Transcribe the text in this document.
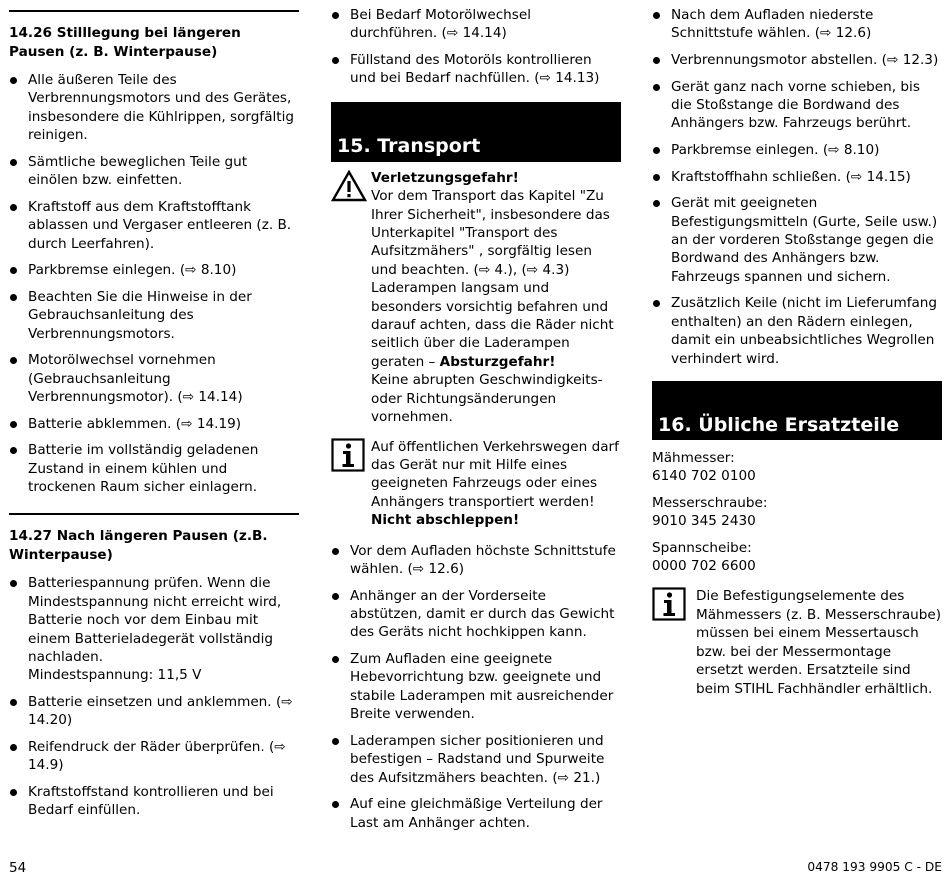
14.26 Stilllegung bei längeren Pausen (z. B. Winterpause)
Alle äußeren Teile des Verbrennungsmotors und des Gerätes, insbesondere die Kühlrippen, sorgfältig reinigen.
Sämtliche beweglichen Teile gut einölen bzw. einfetten.
Kraftstoff aus dem Kraftstofftank ablassen und Vergaser entleeren (z. B. durch Leerfahren).
Parkbremse einlegen. (⇨ 8.10)
Beachten Sie die Hinweise in der Gebrauchsanleitung des Verbrennungsmotors.
Motorölwechsel vornehmen (Gebrauchsanleitung Verbrennungsmotor). (⇨ 14.14)
Batterie abklemmen. (⇨ 14.19)
Batterie im vollständig geladenen Zustand in einem kühlen und trockenen Raum sicher einlagern.
14.27 Nach längeren Pausen (z.B. Winterpause)
Batteriespannung prüfen. Wenn die Mindestspannung nicht erreicht wird, Batterie noch vor dem Einbau mit einem Batterieladegerät vollständig nachladen.
Mindestspannung: 11,5 V
Batterie einsetzen und anklemmen. (⇨ 14.20)
Reifendruck der Räder überprüfen. (⇨ 14.9)
Kraftstoffstand kontrollieren und bei Bedarf einfüllen.
Bei Bedarf Motorölwechsel durchführen. (⇨ 14.14)
Füllstand des Motoröls kontrollieren und bei Bedarf nachfüllen. (⇨ 14.13)
15. Transport
Verletzungsgefahr!
Vor dem Transport das Kapitel "Zu Ihrer Sicherheit", insbesondere das Unterkapitel "Transport des Aufsitzmähers" , sorgfältig lesen und beachten. (⇨ 4.), (⇨ 4.3)
Laderampen langsam und besonders vorsichtig befahren und darauf achten, dass die Räder nicht seitlich über die Laderampen geraten – Absturzgefahr!
Keine abrupten Geschwindigkeits- oder Richtungsänderungen vornehmen.
Auf öffentlichen Verkehrswegen darf das Gerät nur mit Hilfe eines geeigneten Fahrzeugs oder eines Anhängers transportiert werden!
Nicht abschleppen!
Vor dem Aufladen höchste Schnittstufe wählen. (⇨ 12.6)
Anhänger an der Vorderseite abstützen, damit er durch das Gewicht des Geräts nicht hochkippen kann.
Zum Aufladen eine geeignete Hebevorrichtung bzw. geeignete und stabile Laderampen mit ausreichender Breite verwenden.
Laderampen sicher positionieren und befestigen – Radstand und Spurweite des Aufsitzmähers beachten. (⇨ 21.)
Auf eine gleichmäßige Verteilung der Last am Anhänger achten.
Nach dem Aufladen niederste Schnittstufe wählen. (⇨ 12.6)
Verbrennungsmotor abstellen. (⇨ 12.3)
Gerät ganz nach vorne schieben, bis die Stoßstange die Bordwand des Anhängers bzw. Fahrzeugs berührt.
Parkbremse einlegen. (⇨ 8.10)
Kraftstoffhahn schließen. (⇨ 14.15)
Gerät mit geeigneten Befestigungsmitteln (Gurte, Seile usw.) an der vorderen Stoßstange gegen die Bordwand des Anhängers bzw. Fahrzeugs spannen und sichern.
Zusätzlich Keile (nicht im Lieferumfang enthalten) an den Rädern einlegen, damit ein unbeabsichtliches Wegrollen verhindert wird.
16. Übliche Ersatzteile
Mähmesser:
6140 702 0100
Messerschraube:
9010 345 2430
Spannscheibe:
0000 702 6600
Die Befestigungselemente des Mähmessers (z. B. Messerschraube) müssen bei einem Messertausch bzw. bei der Messermontage ersetzt werden. Ersatzteile sind beim STIHL Fachhändler erhältlich.
54	0478 193 9905 C - DE
